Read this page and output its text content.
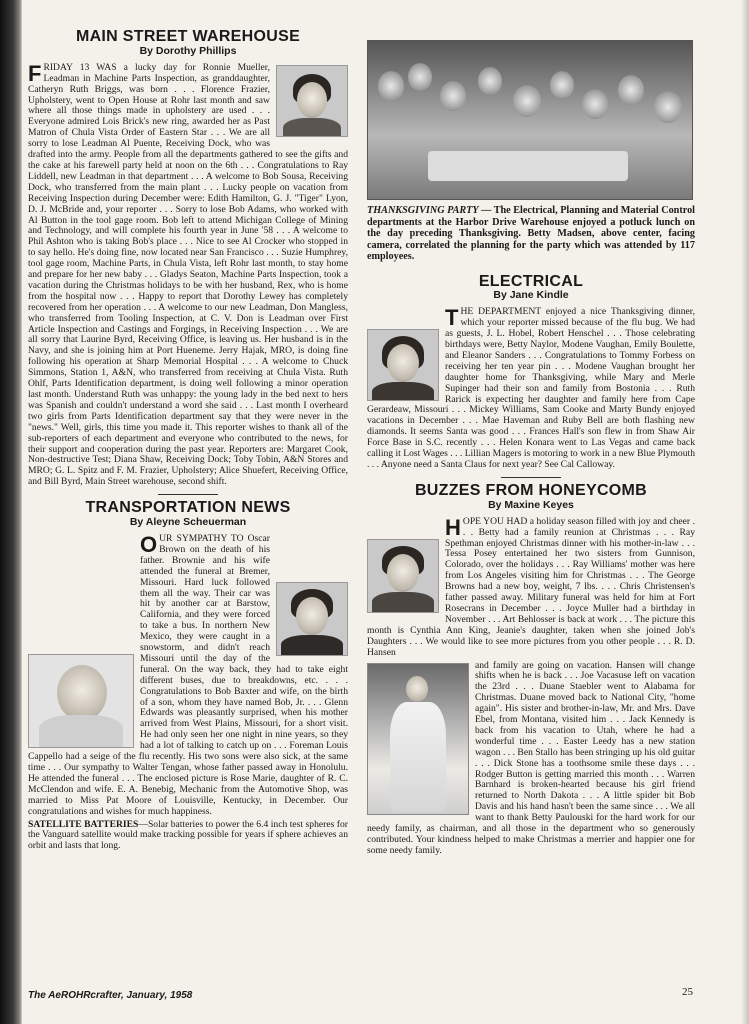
MAIN STREET WAREHOUSE
By Dorothy Phillips

FRIDAY 13 WAS a lucky day for Ronnie Mueller, Leadman in Machine Parts Inspection, as granddaughter, Catheryn Ruth Briggs, was born . . . Florence Frazier, Upholstery, went to Open House at Rohr last month and saw where all those things made in upholstery are used . . . Everyone admired Lois Brick's new ring, awarded her as Past Matron of Chula Vista Order of Eastern Star . . . We are all sorry to lose Leadman Al Puente, Receiving Dock, who was drafted into the army. People from all the departments gathered to see the gifts and the cake at his farewell party held at noon on the 6th . . . Congratulations to Ray Liddell, new Leadman in that department . . . A welcome to Bob Sousa, Receiving Dock, who transferred from the main plant . . . Lucky people on vacation from Receiving Inspection during December were: Edith Hamilton, G. J. "Tiger" Lyon, D. J. McBride and, your reporter . . . Sorry to lose Bob Adams, who worked with Al Button in the tool gage room. Bob left to attend Michigan College of Mining and Technology, and will complete his fourth year in June '58 . . . A welcome to Phil Ashton who is taking Bob's place . . . Nice to see Al Crocker who stopped in to say hello. He's doing fine, now located near San Francisco . . . Suzie Humphrey, tool gage room, Machine Parts, in Chula Vista, left Rohr last month, to stay home and prepare for her new baby . . . Gladys Seaton, Machine Parts Inspection, took a vacation during the Christmas holidays to be with her husband, Rex, who is home from the hospital now . . . Happy to report that Dorothy Lewey has completely recovered from her operation . . . A welcome to our new Leadman, Don Mangless, who transferred from Tooling Inspection, at C. V. Don is Leadman over First Article Inspection and Castings and Forgings, in Receiving Inspection . . . We are all sorry that Laurine Byrd, Receiving Office, is leaving us. Her husband is in the Navy, and she is joining him at Port Hueneme. Jerry Hajak, MRO, is doing fine following his operation at Sharp Memorial Hospital . . . A welcome to Chuck Simmons, Station 1, A&N, who transferred from receiving at Chula Vista. Ruth Ohlf, Parts Identification department, is doing well following a minor operation last month. Understand Ruth was unhappy: the young lady in the bed next to hers was Spanish and couldn't understand a word she said . . . Last month I overheard two girls from Parts Identification department say that they were never in the "news." Well, girls, this time you made it. This reporter wishes to thank all of the sub-reporters of each department and everyone who contributed to the news, for their support and cooperation during the past year. Reporters are: Margaret Cook, Non-destructive Test; Diana Shaw, Receiving Dock; Toby Tobin, A&N Stores and MRO; G. L. Spitz and F. M. Frazier, Upholstery; Alice Shuefert, Receiving Office, and Bill Byrd, Main Street warehouse, second shift.

TRANSPORTATION NEWS
By Aleyne Scheuerman

OUR SYMPATHY TO Oscar Brown on the death of his father. Brownie and his wife attended the funeral at Bremer, Missouri. Hard luck followed them all the way. Their car was hit by another car at Barstow, California, and they were forced to take a bus. In northern New Mexico, they were caught in a snowstorm, and didn't reach Missouri until the day of the funeral. On the way back, they had to take eight different buses, due to breakdowns, etc. . . . Congratulations to Bob Baxter and wife, on the birth of a son, whom they have named Bob, Jr. . . . Glenn Edwards was pleasantly surprised, when his mother arrived from West Plains, Missouri, for a short visit. He had only seen her one night in nine years, so they had a lot of talking to catch up on . . . Foreman Louis Cappello had a seige of the flu recently. His two sons were also sick, at the same time . . . Our sympathy to Walter Tengan, whose father passed away in Honolulu. He attended the funeral . . . The enclosed picture is Rose Marie, daughter of R. C. McClendon and wife. E. A. Benebig, Mechanic from the Automotive Shop, was married to Miss Pat Moore of Louisville, Kentucky, in December. Our congratulations and wishes for much happiness.

SATELLITE BATTERIES—Solar batteries to power the 6.4 inch test spheres for the Vanguard satellite would make tracking possible for years if sphere achieves an orbit and lasts that long.

THANKSGIVING PARTY — The Electrical, Planning and Material Control departments at the Harbor Drive Warehouse enjoyed a potluck lunch on the day preceding Thanksgiving. Betty Madsen, above center, facing camera, correlated the planning for the party which was attended by 117 employees.
ELECTRICAL
By Jane Kindle

THE DEPARTMENT enjoyed a nice Thanksgiving dinner, which your reporter missed because of the flu bug. We had as guests, J. L. Hobel, Robert Henschel . . . Those celebrating birthdays were, Betty Naylor, Modene Vaughan, Emily Boulette, and Eleanor Sanders . . . Congratulations to Tommy Forbess on receiving her ten year pin . . . Modene Vaughan brought her daughter home for Thanksgiving, while Mary and Merle Supinger had their son and family from Bostonia . . . Ruth Rarick is expecting her daughter and family here from Cape Gerardeaw, Missouri . . . Mickey Williams, Sam Cooke and Marty Bundy enjoyed vacations in December . . . Mae Haveman and Ruby Bell are both flashing new diamonds. It seems Santa was good . . . Frances Hall's son flew in from Shaw Air Force Base in S.C. recently . . . Helen Konara went to Las Vegas and came back calling it Lost Wages . . . Lillian Magers is motoring to work in a new Blue Plymouth . . . Anyone need a Santa Claus for next year? See Cal Calloway.

BUZZES FROM HONEYCOMB
By Maxine Keyes

HOPE YOU HAD a holiday season filled with joy and cheer . . . Betty had a family reunion at Christmas . . . Ray Spethman enjoyed Christmas dinner with his mother-in-law . . . Tessa Posey entertained her two sisters from Gunnison, Colorado, over the holidays . . . Ray Williams' mother was here from Los Angeles visiting him for Christmas . . . The George Browns had a new boy, weight, 7 lbs. . . . Chris Christensen's father passed away. Military funeral was held for him at Fort Rosecrans in December . . . Joyce Muller had a birthday in November . . . Art Behlosser is back at work . . . The picture this month is Cynthia Ann King, Jeanie's daughter, taken when she joined Job's Daughters . . . We would like to see more pictures from you other people . . . R. D. Hansen

and family are going on vacation. Hansen will change shifts when he is back . . . Joe Vacasuse left on vacation the 23rd . . . Duane Staebler went to Alabama for Christmas. Duane moved back to National City, "home again". His sister and brother-in-law, Mr. and Mrs. Dave Ebel, from Montana, visited him . . . Jack Kennedy is back from his vacation to Utah, where he had a wonderful time . . . Easter Leedy has a new station wagon . . . Ben Stallo has been stringing up his old guitar . . . Dick Stone has a toothsome smile these days . . . Rodger Button is getting married this month . . . Warren Barnhard is broken-hearted because his girl friend returned to North Dakota . . . A little spider bit Bob Davis and his hand hasn't been the same since . . . We all want to thank Betty Paulouski for the hard work for our needy family, as chairman, and all those in the department who so generously contributed. Your kindness helped to make Christmas a merrier and happier one for some needy family.

The AeROHRcrafter, January, 1958	25
